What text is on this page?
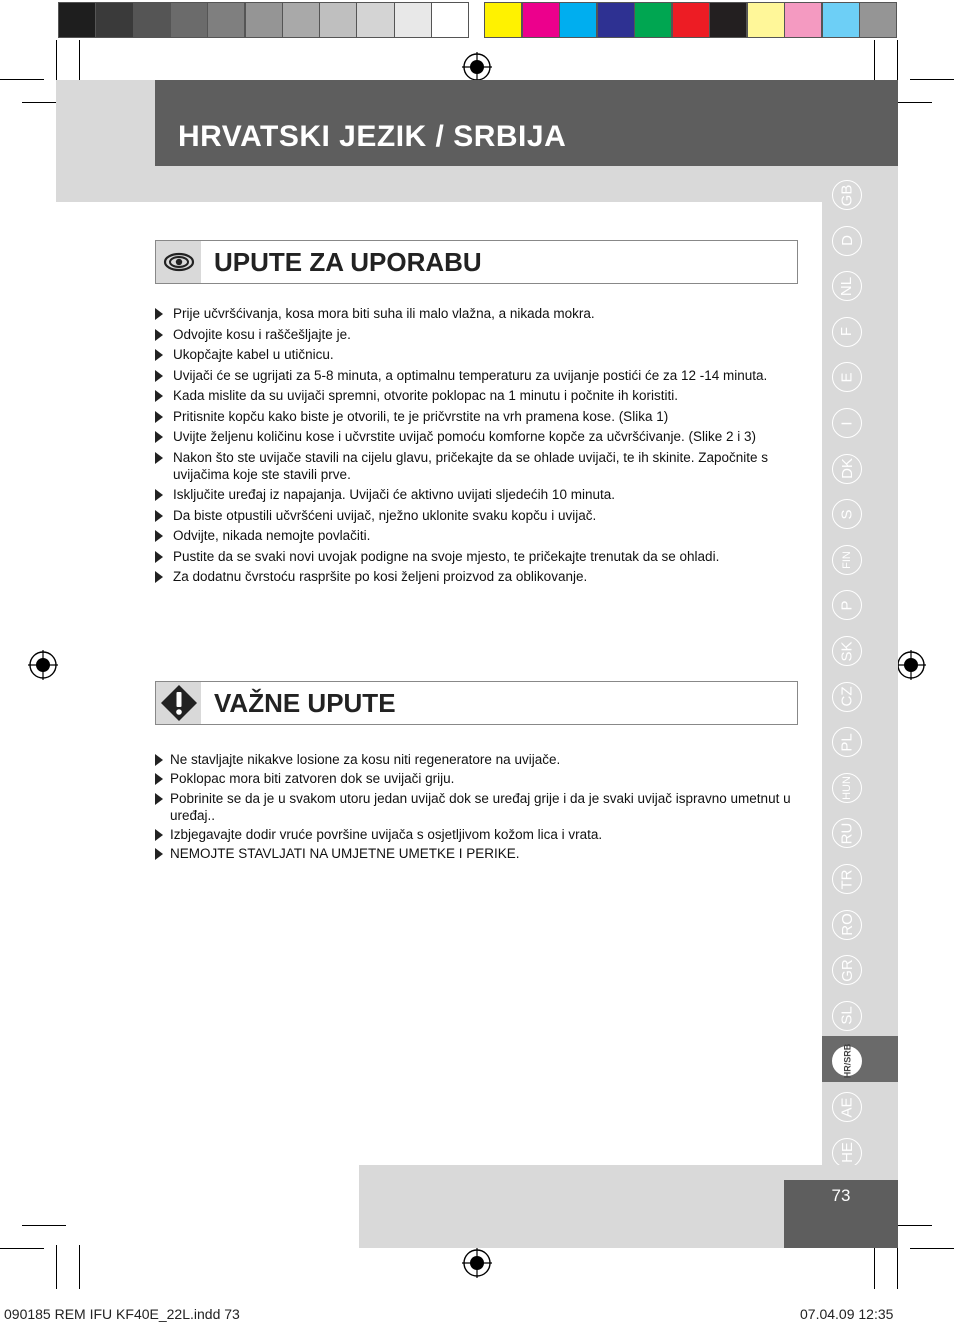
HRVATSKI JEZIK / SRBIJA
GB
D
NL
F
E
I
DK
S
FIN
P
SK
CZ
PL
HUN
RU
TR
RO
GR
SL
HR/SRB
AE
HE
UPUTE ZA UPORABU
Prije učvršćivanja, kosa mora biti suha ili malo vlažna, a nikada mokra.
Odvojite kosu i raščešljajte je.
Ukopčajte kabel u utičnicu.
Uvijači će se ugrijati za 5-8 minuta, a optimalnu temperaturu za uvijanje postići će za 12 -14 minuta.
Kada mislite da su uvijači spremni, otvorite poklopac na 1 minutu i počnite ih koristiti.
Pritisnite kopču kako biste je otvorili, te je pričvrstite na vrh pramena kose. (Slika 1)
Uvijte željenu količinu kose i učvrstite uvijač pomoću komforne kopče za učvršćivanje. (Slike 2 i 3)
Nakon što ste uvijače stavili na cijelu glavu, pričekajte da se ohlade uvijači, te ih skinite. Započnite s uvijačima koje ste stavili prve.
Isključite uređaj iz napajanja. Uvijači će aktivno uvijati sljedećih 10 minuta.
Da biste otpustili učvršćeni uvijač, nježno uklonite svaku kopču i uvijač.
Odvijte, nikada nemojte povlačiti.
Pustite da se svaki novi uvojak podigne na svoje mjesto, te pričekajte trenutak da se ohladi.
Za dodatnu čvrstoću raspršite po kosi željeni proizvod za oblikovanje.
VAŽNE UPUTE
Ne stavljajte nikakve losione za kosu niti regeneratore na uvijače.
Poklopac mora biti zatvoren dok se uvijači griju.
Pobrinite se da je u svakom utoru jedan uvijač dok se uređaj grije i da je svaki uvijač ispravno umetnut u uređaj..
Izbjegavajte dodir vruće površine uvijača s osjetljivom kožom lica i vrata.
NEMOJTE STAVLJATI NA UMJETNE UMETKE I PERIKE.
73
090185 REM IFU KF40E_22L.indd 73	07.04.09 12:35
